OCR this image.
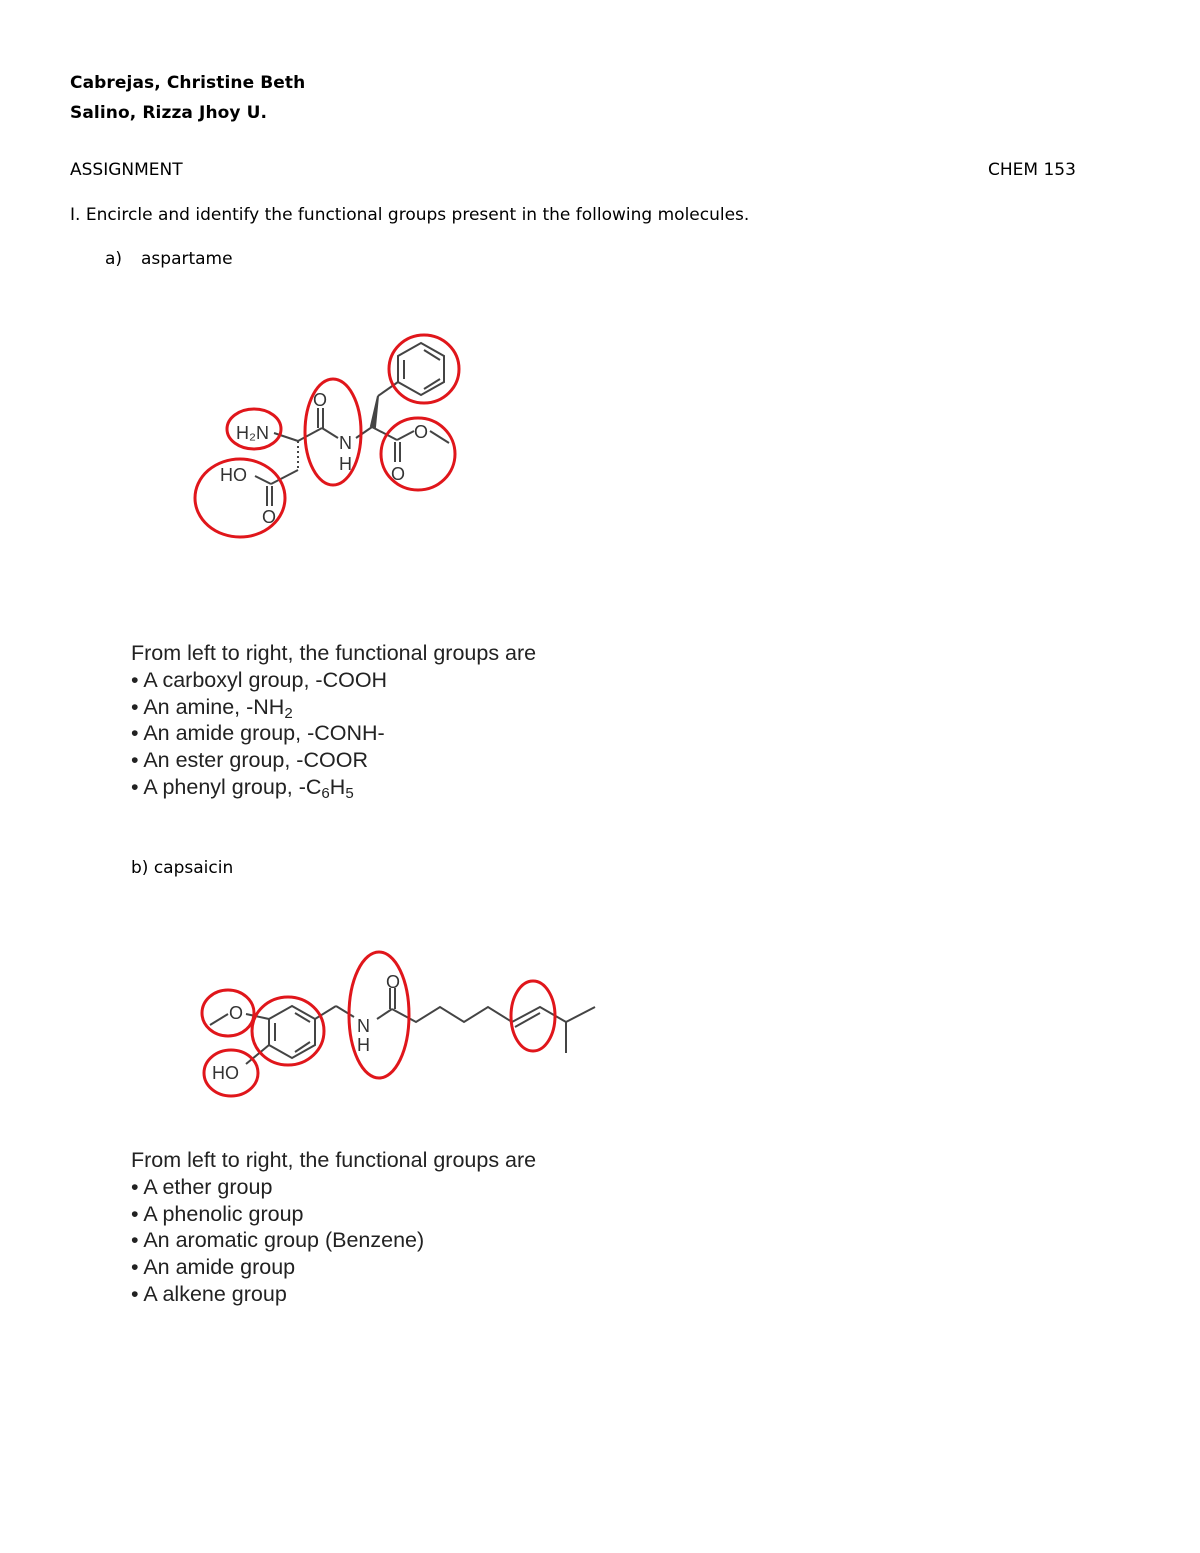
Cabrejas, Christine Beth
Salino, Rizza Jhoy U.
ASSIGNMENT	CHEM 153
I. Encircle and identify the functional groups present in the following molecules.
a) aspartame
H₂N
HO
O
O
N
H
O
O
From left to right, the functional groups are
• A carboxyl group, -COOH
• An amine, $-NH_2$
• An amide group, -CONH-
• An ester group, -COOR
• A phenyl group, $-C_6H_5$
b) capsaicin
O
HO
O
N
H
From left to right, the functional groups are
• A ether group
• A phenolic group
• An aromatic group (Benzene)
• An amide group
• A alkene group
